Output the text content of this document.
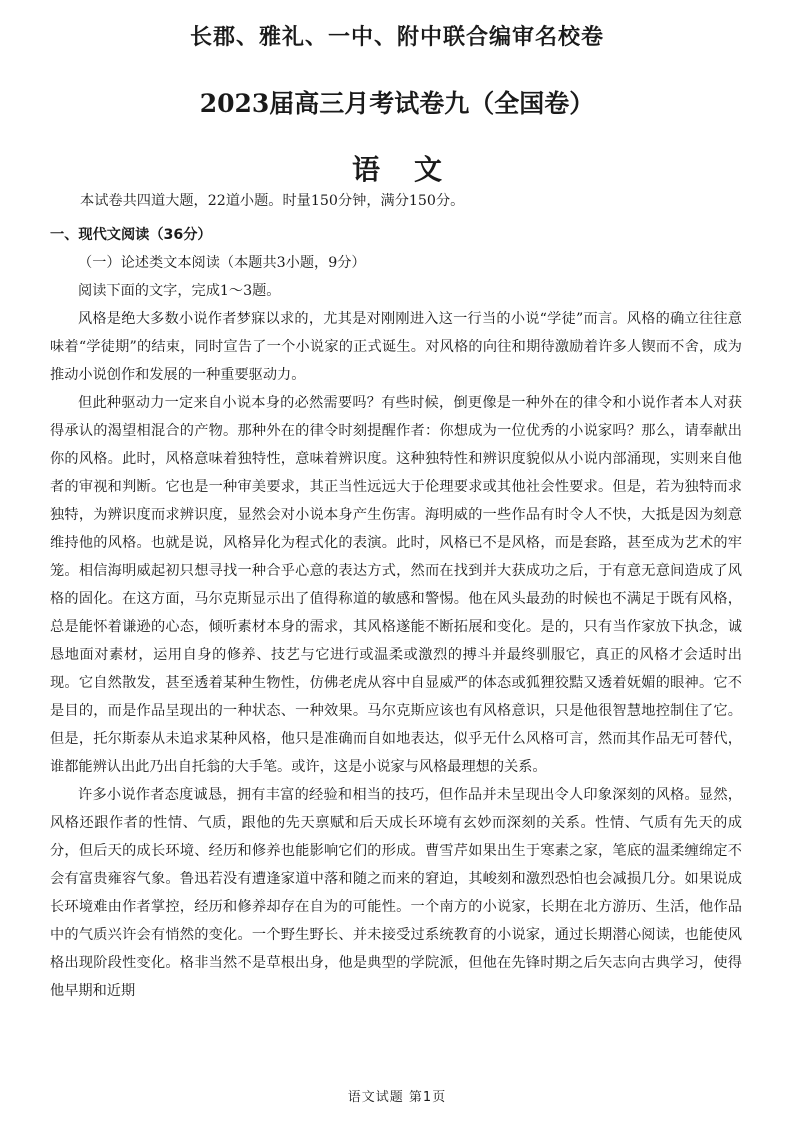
长郡、雅礼、一中、附中联合编审名校卷
2023届高三月考试卷九（全国卷）
语文

本试卷共四道大题，22道小题。时量150分钟，满分150分。

一、现代文阅读（36分）

（一）论述类文本阅读（本题共3小题，9分）

阅读下面的文字，完成1～3题。

风格是绝大多数小说作者梦寐以求的，尤其是对刚刚进入这一行当的小说“学徒”而言。风格的确立往往意味着“学徒期”的结束，同时宣告了一个小说家的正式诞生。对风格的向往和期待激励着许多人锲而不舍，成为推动小说创作和发展的一种重要驱动力。

但此种驱动力一定来自小说本身的必然需要吗？有些时候，倒更像是一种外在的律令和小说作者本人对获得承认的渴望相混合的产物。那种外在的律令时刻提醒作者：你想成为一位优秀的小说家吗？那么，请奉献出你的风格。此时，风格意味着独特性，意味着辨识度。这种独特性和辨识度貌似从小说内部涌现，实则来自他者的审视和判断。它也是一种审美要求，其正当性远远大于伦理要求或其他社会性要求。但是，若为独特而求独特，为辨识度而求辨识度，显然会对小说本身产生伤害。海明威的一些作品有时令人不快，大抵是因为刻意维持他的风格。也就是说，风格异化为程式化的表演。此时，风格已不是风格，而是套路，甚至成为艺术的牢笼。相信海明威起初只想寻找一种合乎心意的表达方式，然而在找到并大获成功之后，于有意无意间造成了风格的固化。在这方面，马尔克斯显示出了值得称道的敏感和警惕。他在风头最劲的时候也不满足于既有风格，总是能怀着谦逊的心态，倾听素材本身的需求，其风格遂能不断拓展和变化。是的，只有当作家放下执念，诚恳地面对素材，运用自身的修养、技艺与它进行或温柔或激烈的搏斗并最终驯服它，真正的风格才会适时出现。它自然散发，甚至透着某种生物性，仿佛老虎从容中自显威严的体态或狐狸狡黠又透着妩媚的眼神。它不是目的，而是作品呈现出的一种状态、一种效果。马尔克斯应该也有风格意识，只是他很智慧地控制住了它。但是，托尔斯泰从未追求某种风格，他只是准确而自如地表达，似乎无什么风格可言，然而其作品无可替代，谁都能辨认出此乃出自托翁的大手笔。或许，这是小说家与风格最理想的关系。

许多小说作者态度诚恳，拥有丰富的经验和相当的技巧，但作品并未呈现出令人印象深刻的风格。显然，风格还跟作者的性情、气质，跟他的先天禀赋和后天成长环境有玄妙而深刻的关系。性情、气质有先天的成分，但后天的成长环境、经历和修养也能影响它们的形成。曹雪芹如果出生于寒素之家，笔底的温柔缠绵定不会有富贵雍容气象。鲁迅若没有遭逢家道中落和随之而来的窘迫，其峻刻和激烈恐怕也会减损几分。如果说成长环境难由作者掌控，经历和修养却存在自为的可能性。一个南方的小说家，长期在北方游历、生活，他作品中的气质兴许会有悄然的变化。一个野生野长、并未接受过系统教育的小说家，通过长期潜心阅读，也能使风格出现阶段性变化。格非当然不是草根出身，他是典型的学院派，但他在先锋时期之后矢志向古典学习，使得他早期和近期

语文试题 第1页
